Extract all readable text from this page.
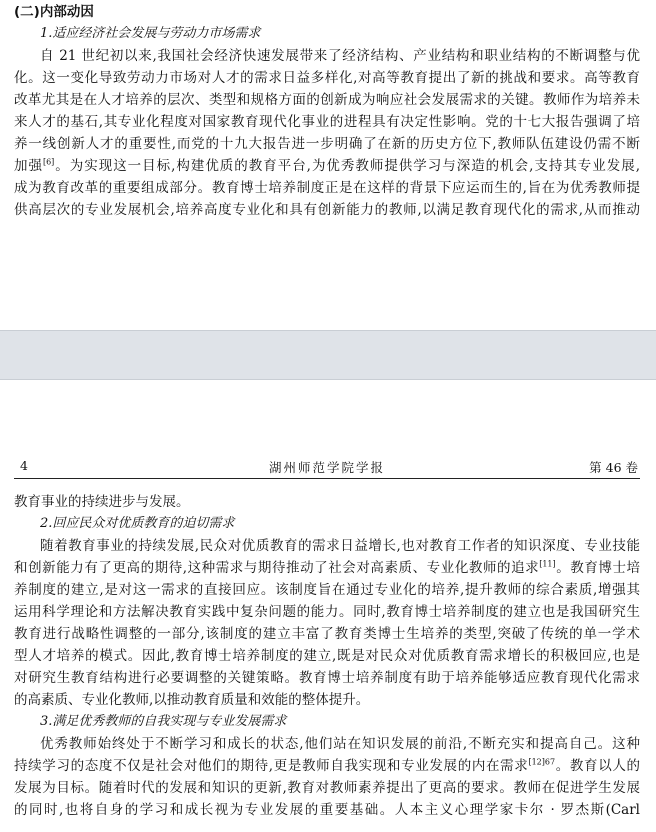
(二)内部动因
1.适应经济社会发展与劳动力市场需求
自 21 世纪初以来,我国社会经济快速发展带来了经济结构、产业结构和职业结构的不断调整与优
化。这一变化导致劳动力市场对人才的需求日益多样化,对高等教育提出了新的挑战和要求。高等教育
改革尤其是在人才培养的层次、类型和规格方面的创新成为响应社会发展需求的关键。教师作为培养未
来人才的基石,其专业化程度对国家教育现代化事业的进程具有决定性影响。党的十七大报告强调了培
养一线创新人才的重要性,而党的十九大报告进一步明确了在新的历史方位下,教师队伍建设仍需不断
加强[6]。为实现这一目标,构建优质的教育平台,为优秀教师提供学习与深造的机会,支持其专业发展,
成为教育改革的重要组成部分。教育博士培养制度正是在这样的背景下应运而生的,旨在为优秀教师提
供高层次的专业发展机会,培养高度专业化和具有创新能力的教师,以满足教育现代化的需求,从而推动
4	湖州师范学院学报	第 46 卷
教育事业的持续进步与发展。
2.回应民众对优质教育的迫切需求
随着教育事业的持续发展,民众对优质教育的需求日益增长,也对教育工作者的知识深度、专业技能
和创新能力有了更高的期待,这种需求与期待推动了社会对高素质、专业化教师的追求[11]。教育博士培
养制度的建立,是对这一需求的直接回应。该制度旨在通过专业化的培养,提升教师的综合素质,增强其
运用科学理论和方法解决教育实践中复杂问题的能力。同时,教育博士培养制度的建立也是我国研究生
教育进行战略性调整的一部分,该制度的建立丰富了教育类博士生培养的类型,突破了传统的单一学术
型人才培养的模式。因此,教育博士培养制度的建立,既是对民众对优质教育需求增长的积极回应,也是
对研究生教育结构进行必要调整的关键策略。教育博士培养制度有助于培养能够适应教育现代化需求
的高素质、专业化教师,以推动教育质量和效能的整体提升。
3.满足优秀教师的自我实现与专业发展需求
优秀教师始终处于不断学习和成长的状态,他们站在知识发展的前沿,不断充实和提高自己。这种
持续学习的态度不仅是社会对他们的期待,更是教师自我实现和专业发展的内在需求$^{[12]67}$。教育以人的
发展为目标。随着时代的发展和知识的更新,教育对教师素养提出了更高的要求。教师在促进学生发展
的同时,也将自身的学习和成长视为专业发展的重要基础。人本主义心理学家卡尔 · 罗杰斯(Carl
